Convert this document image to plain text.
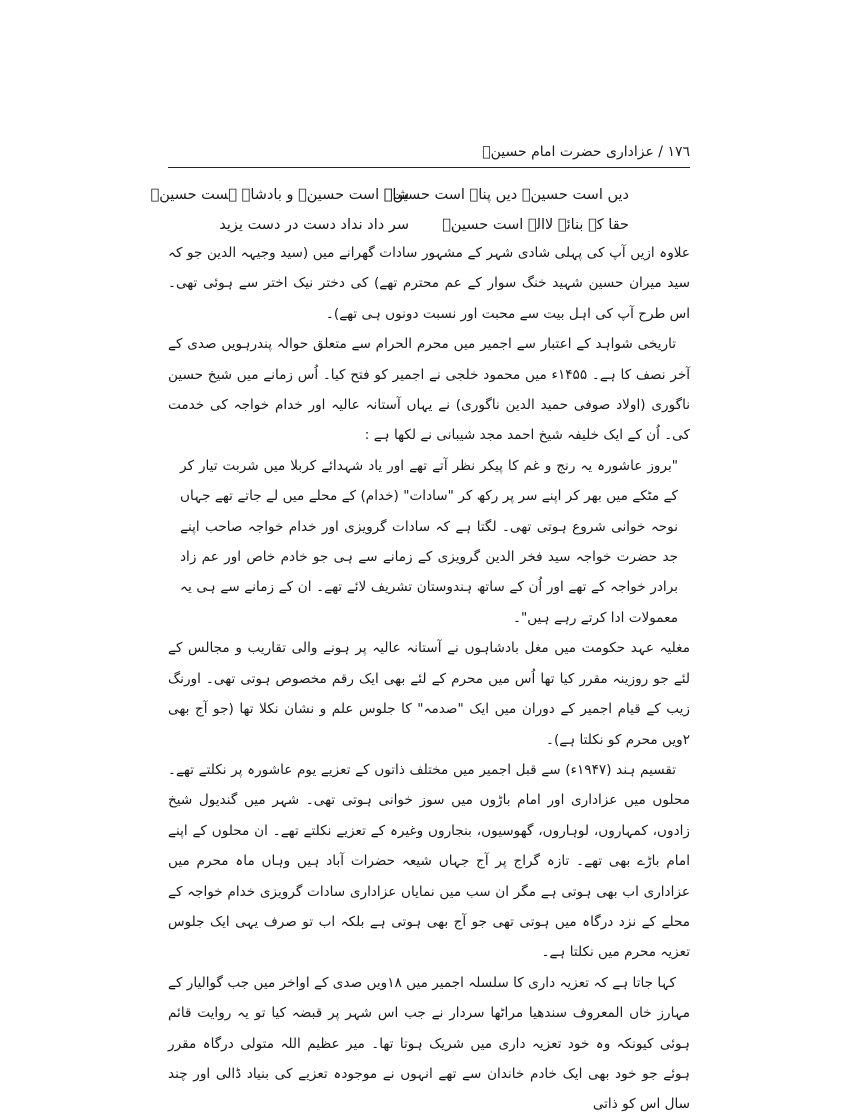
١٧٦ / عزاداری حضرت امام حسینؑ
شاہ است حسینؑ و بادشاہ ہست حسینؑ
دیں است حسینؑ دیں پناہ است حسینؑ
سر داد نداد دست در دست یزید حقا کہ بنائے لاالہ است حسینؑ

علاوہ ازیں آپ کی پہلی شادی شہر کے مشہور سادات گھرانے میں (سید وجیہہ الدین جو کہ سید میران حسین شہید خنگ سوار کے عم محترم تھے) کی دختر نیک اختر سے ہوئی تھی۔ اس طرح آپ کی اہل بیت سے محبت اور نسبت دونوں ہی تھے)۔

تاریخی شواہد کے اعتبار سے اجمیر میں محرم الحرام سے متعلق حوالہ پندرہویں صدی کے آخر نصف کا ہے۔ ۱۴۵۵ء میں محمود خلجی نے اجمیر کو فتح کیا۔ اُس زمانے میں شیخ حسین ناگوری (اولاد صوفی حمید الدین ناگوری) نے یہاں آستانہ عالیہ اور خدام خواجہ کی خدمت کی۔ اُن کے ایک خلیفہ شیخ احمد مجد شیبانی نے لکھا ہے :

"بروز عاشورہ یہ رنج و غم کا پیکر نظر آتے تھے اور یاد شہدائے کربلا میں شربت تیار کر کے مٹکے میں بھر کر اپنے سر پر رکھ کر "سادات" (خدام) کے محلے میں لے جاتے تھے جہاں نوحہ خوانی شروع ہوتی تھی۔ لگتا ہے کہ سادات گرویزی اور خدام خواجہ صاحب اپنے جد حضرت خواجہ سید فخر الدین گرویزی کے زمانے سے ہی جو خادم خاص اور عم زاد برادر خواجہ کے تھے اور اُن کے ساتھ ہندوستان تشریف لائے تھے۔ ان کے زمانے سے ہی یہ معمولات ادا کرتے رہے ہیں"۔

مغلیہ عہد حکومت میں مغل بادشاہوں نے آستانہ عالیہ پر ہونے والی تقاریب و مجالس کے لئے جو روزینہ مقرر کیا تھا اُس میں محرم کے لئے بھی ایک رقم مخصوص ہوتی تھی۔ اورنگ زیب کے قیام اجمیر کے دوران میں ایک "صدمہ" کا جلوس علم و نشان نکلا تھا (جو آج بھی ۲ویں محرم کو نکلتا ہے)۔

تقسیم ہند (۱۹۴۷ء) سے قبل اجمیر میں مختلف ذاتوں کے تعزیے یوم عاشورہ پر نکلتے تھے۔ محلوں میں عزاداری اور امام باڑوں میں سوز خوانی ہوتی تھی۔ شہر میں گندیول شیخ زادوں، کمہاروں، لوہاروں، گھوسیوں، بنجاروں وغیرہ کے تعزیے نکلتے تھے۔ ان محلوں کے اپنے امام باڑے بھی تھے۔ تازہ گراج پر آج جہاں شیعہ حضرات آباد ہیں وہاں ماہ محرم میں عزاداری اب بھی ہوتی ہے مگر ان سب میں نمایاں عزاداری سادات گرویزی خدام خواجہ کے محلے کے نزد درگاہ میں ہوتی تھی جو آج بھی ہوتی ہے بلکہ اب تو صرف یہی ایک جلوس تعزیہ محرم میں نکلتا ہے۔

کہا جاتا ہے کہ تعزیہ داری کا سلسلہ اجمیر میں ۱۸ویں صدی کے اواخر میں جب گوالیار کے مہارز خاں المعروف سندھیا مراٹھا سردار نے جب اس شہر پر قبضہ کیا تو یہ روایت قائم ہوئی کیونکہ وہ خود تعزیہ داری میں شریک ہوتا تھا۔ میر عظیم اللہ متولی درگاہ مقرر ہوئے جو خود بھی ایک خادم خاندان سے تھے انہوں نے موجودہ تعزیے کی بنیاد ڈالی اور چند سال اس کو ذاتی
